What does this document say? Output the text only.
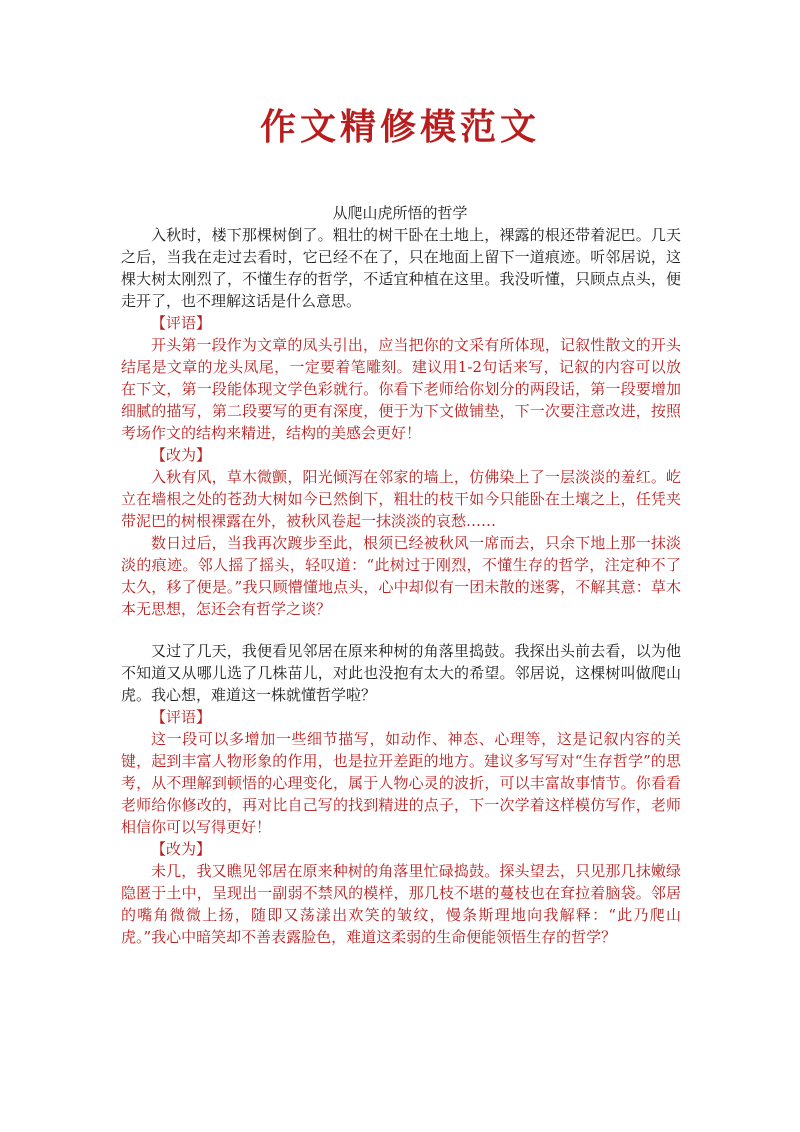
作文精修模范文
从爬山虎所悟的哲学

入秋时，楼下那棵树倒了。粗壮的树干卧在土地上，裸露的根还带着泥巴。几天之后，当我在走过去看时，它已经不在了，只在地面上留下一道痕迹。听邻居说，这棵大树太刚烈了，不懂生存的哲学，不适宜种植在这里。我没听懂，只顾点点头，便走开了，也不理解这话是什么意思。

【评语】

开头第一段作为文章的凤头引出，应当把你的文采有所体现，记叙性散文的开头结尾是文章的龙头凤尾，一定要着笔雕刻。建议用1-2句话来写，记叙的内容可以放在下文，第一段能体现文学色彩就行。你看下老师给你划分的两段话，第一段要增加细腻的描写，第二段要写的更有深度，便于为下文做铺垫，下一次要注意改进，按照考场作文的结构来精进，结构的美感会更好！

【改为】

入秋有风，草木微颤，阳光倾泻在邻家的墙上，仿佛染上了一层淡淡的羞红。屹立在墙根之处的苍劲大树如今已然倒下，粗壮的枝干如今只能卧在土壤之上，任凭夹带泥巴的树根裸露在外，被秋风卷起一抹淡淡的哀愁……

数日过后，当我再次踱步至此，根须已经被秋风一席而去，只余下地上那一抹淡淡的痕迹。邻人摇了摇头，轻叹道：“此树过于刚烈，不懂生存的哲学，注定种不了太久，移了便是。”我只顾懵懂地点头，心中却似有一团未散的迷雾，不解其意：草木本无思想，怎还会有哲学之谈？

又过了几天，我便看见邻居在原来种树的角落里捣鼓。我探出头前去看，以为他不知道又从哪儿选了几株苗儿，对此也没抱有太大的希望。邻居说，这棵树叫做爬山虎。我心想，难道这一株就懂哲学啦？

【评语】

这一段可以多增加一些细节描写，如动作、神态、心理等，这是记叙内容的关键，起到丰富人物形象的作用，也是拉开差距的地方。建议多写写对“生存哲学”的思考，从不理解到顿悟的心理变化，属于人物心灵的波折，可以丰富故事情节。你看看老师给你修改的，再对比自己写的找到精进的点子，下一次学着这样模仿写作，老师相信你可以写得更好！

【改为】

未几，我又瞧见邻居在原来种树的角落里忙碌捣鼓。探头望去，只见那几抹嫩绿隐匿于土中，呈现出一副弱不禁风的模样，那几枝不堪的蔓枝也在耷拉着脑袋。邻居的嘴角微微上扬，随即又荡漾出欢笑的皱纹，慢条斯理地向我解释：“此乃爬山虎。”我心中暗笑却不善表露脸色，难道这柔弱的生命便能领悟生存的哲学？
